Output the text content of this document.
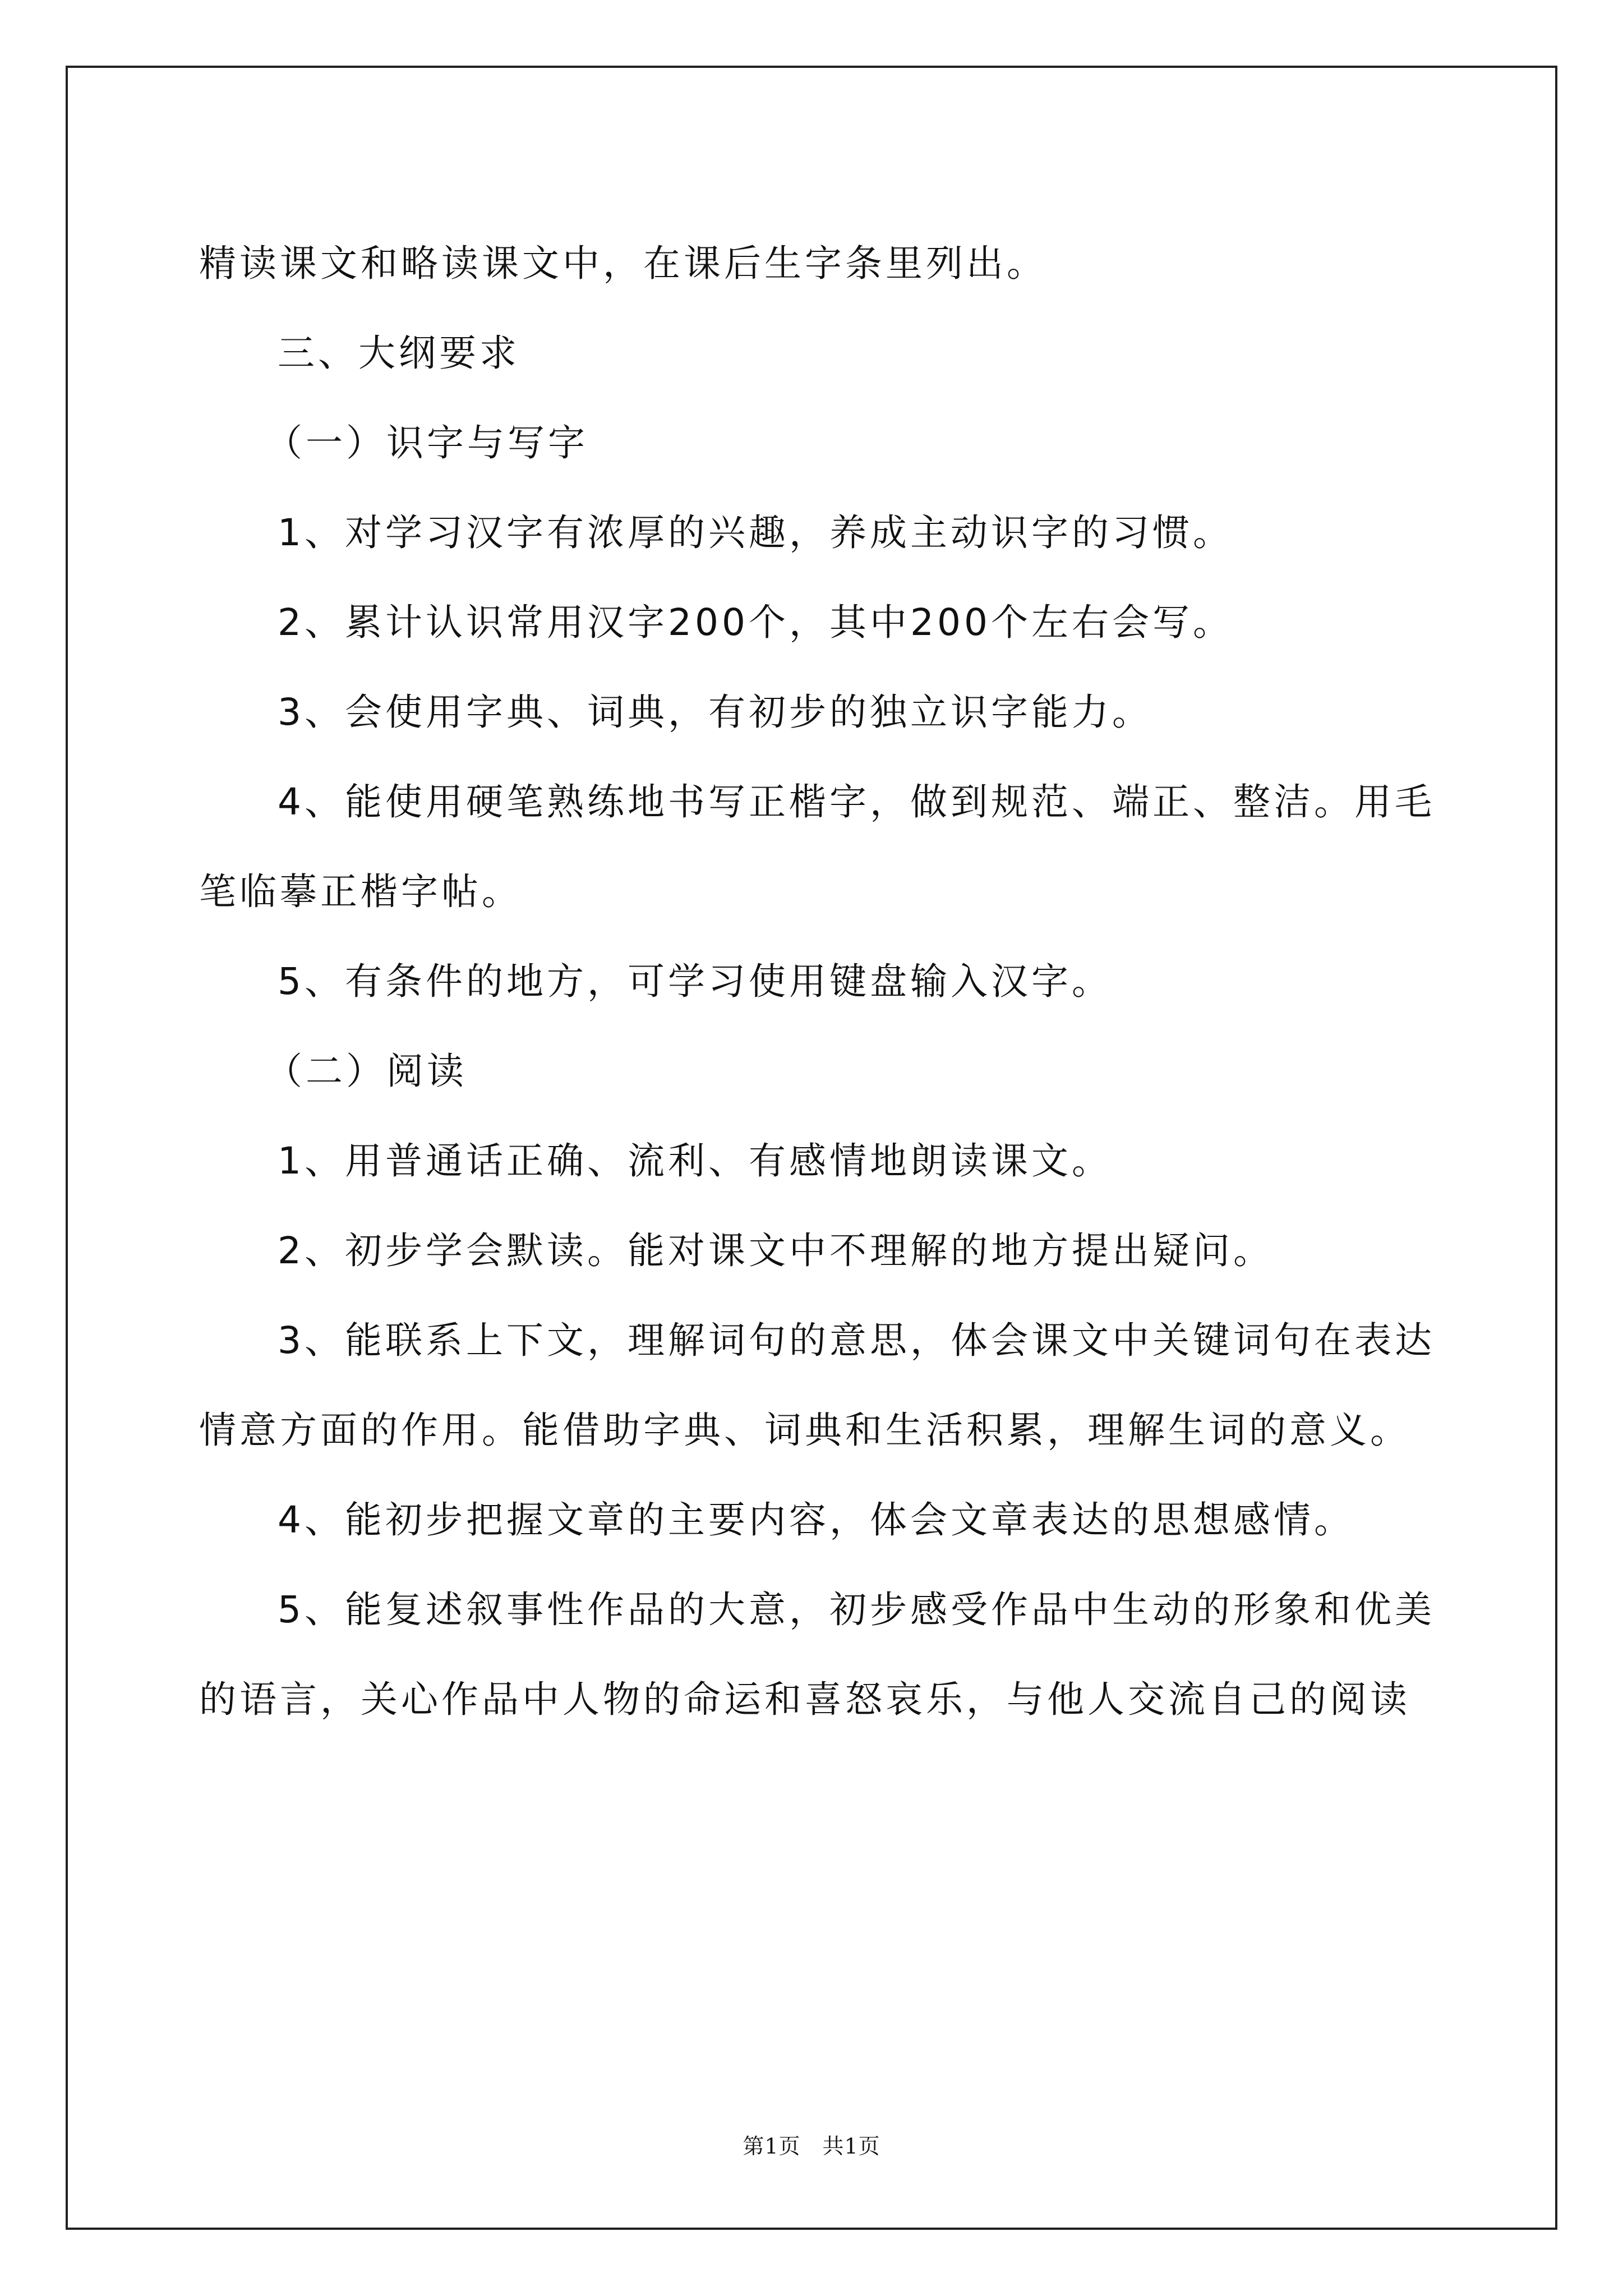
精读课文和略读课文中，在课后生字条里列出。
三、大纲要求
（一）识字与写字
1、对学习汉字有浓厚的兴趣，养成主动识字的习惯。
2、累计认识常用汉字200个，其中200个左右会写。
3、会使用字典、词典，有初步的独立识字能力。
4、能使用硬笔熟练地书写正楷字，做到规范、端正、整洁。用毛
笔临摹正楷字帖。
5、有条件的地方，可学习使用键盘输入汉字。
（二）阅读
1、用普通话正确、流利、有感情地朗读课文。
2、初步学会默读。能对课文中不理解的地方提出疑问。
3、能联系上下文，理解词句的意思，体会课文中关键词句在表达
情意方面的作用。能借助字典、词典和生活积累，理解生词的意义。
4、能初步把握文章的主要内容，体会文章表达的思想感情。
5、能复述叙事性作品的大意，初步感受作品中生动的形象和优美
的语言，关心作品中人物的命运和喜怒哀乐，与他人交流自己的阅读
第1页　共1页
